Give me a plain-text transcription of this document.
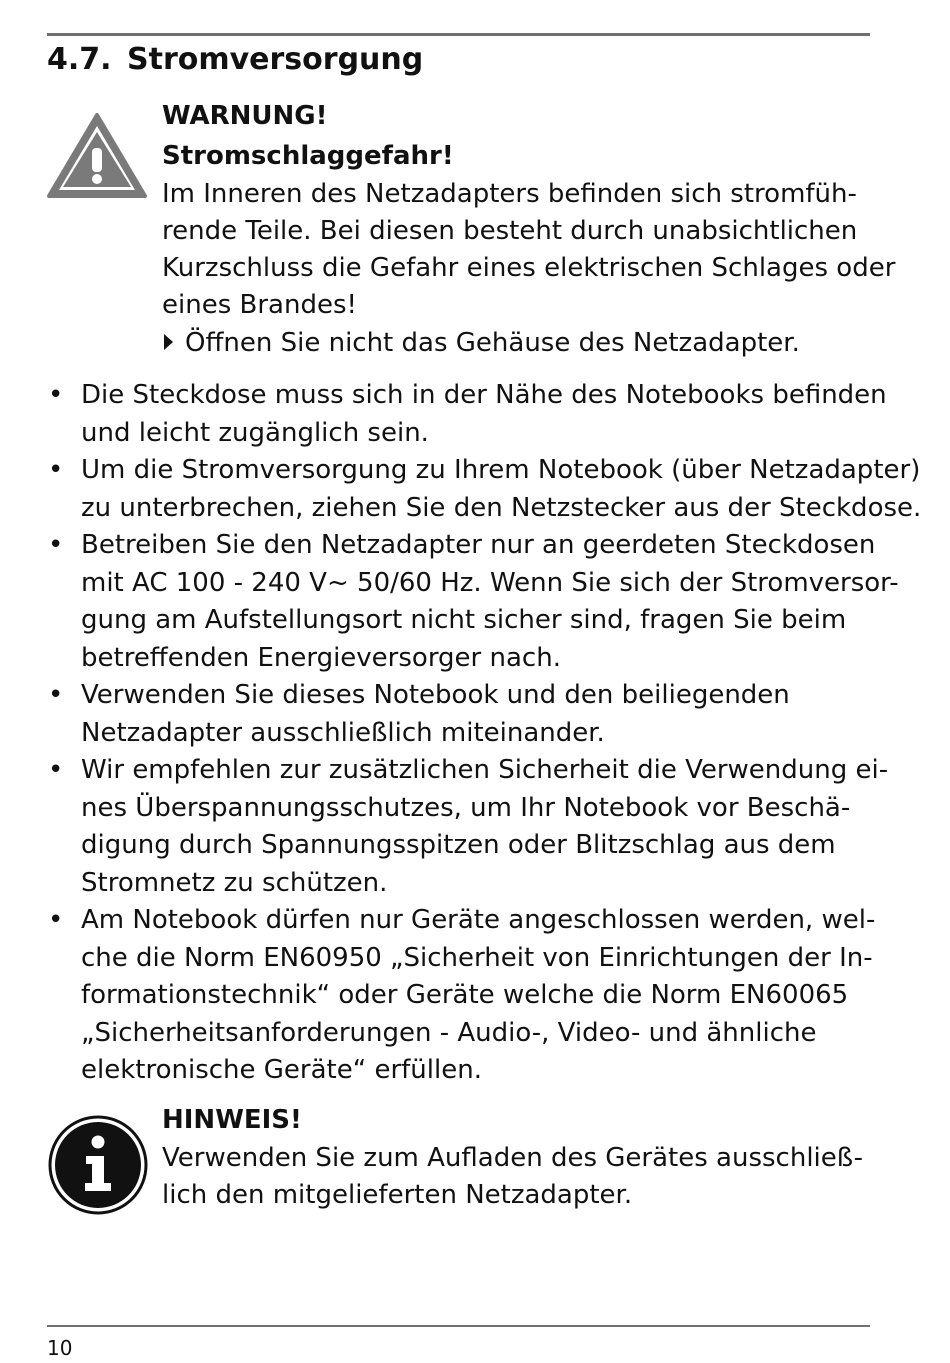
4.7. Stromversorgung
WARNUNG!
Stromschlaggefahr!
Im Inneren des Netzadapters befinden sich stromfüh-
rende Teile. Bei diesen besteht durch unabsichtlichen
Kurzschluss die Gefahr eines elektrischen Schlages oder
eines Brandes!
Öffnen Sie nicht das Gehäuse des Netzadapter.
• Die Steckdose muss sich in der Nähe des Notebooks befinden
und leicht zugänglich sein.
• Um die Stromversorgung zu Ihrem Notebook (über Netzadapter)
zu unterbrechen, ziehen Sie den Netzstecker aus der Steckdose.
• Betreiben Sie den Netzadapter nur an geerdeten Steckdosen
mit AC 100 - 240 V~ 50/60 Hz. Wenn Sie sich der Stromversor-
gung am Aufstellungsort nicht sicher sind, fragen Sie beim
betreffenden Energieversorger nach.
• Verwenden Sie dieses Notebook und den beiliegenden
Netzadapter ausschließlich miteinander.
• Wir empfehlen zur zusätzlichen Sicherheit die Verwendung ei-
nes Überspannungsschutzes, um Ihr Notebook vor Beschä-
digung durch Spannungsspitzen oder Blitzschlag aus dem
Stromnetz zu schützen.
• Am Notebook dürfen nur Geräte angeschlossen werden, wel-
che die Norm EN60950 „Sicherheit von Einrichtungen der In-
formationstechnik“ oder Geräte welche die Norm EN60065
„Sicherheitsanforderungen - Audio-, Video- und ähnliche
elektronische Geräte“ erfüllen.
HINWEIS!
Verwenden Sie zum Aufladen des Gerätes ausschließ-
lich den mitgelieferten Netzadapter.
10
